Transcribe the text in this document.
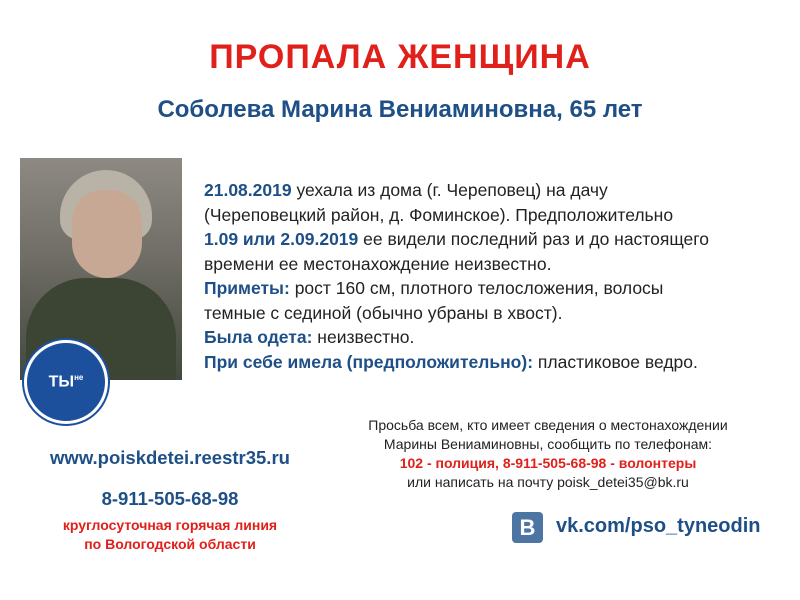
ПРОПАЛА ЖЕНЩИНА
Соболева Марина Вениаминовна, 65 лет
$ТЫ^{не}$
21.08.2019 уехала из дома (г. Череповец) на дачу
(Череповецкий район, д. Фоминское). Предположительно
1.09 или 2.09.2019 ее видели последний раз и до настоящего
времени ее местонахождение неизвестно.
Приметы: рост 160 см, плотного телосложения, волосы
темные с сединой (обычно убраны в хвост).
Была одета: неизвестно.
При себе имела (предположительно): пластиковое ведро.
Просьба всем, кто имеет сведения о местонахождении
Марины Вениаминовны, сообщить по телефонам:
102 - полиция, 8-911-505-68-98 - волонтеры
или написать на почту poisk_detei35@bk.ru
www.poiskdetei.reestr35.ru
8-911-505-68-98
круглосуточная горячая линия
по Вологодской области
В	vk.com/pso_tyneodin
